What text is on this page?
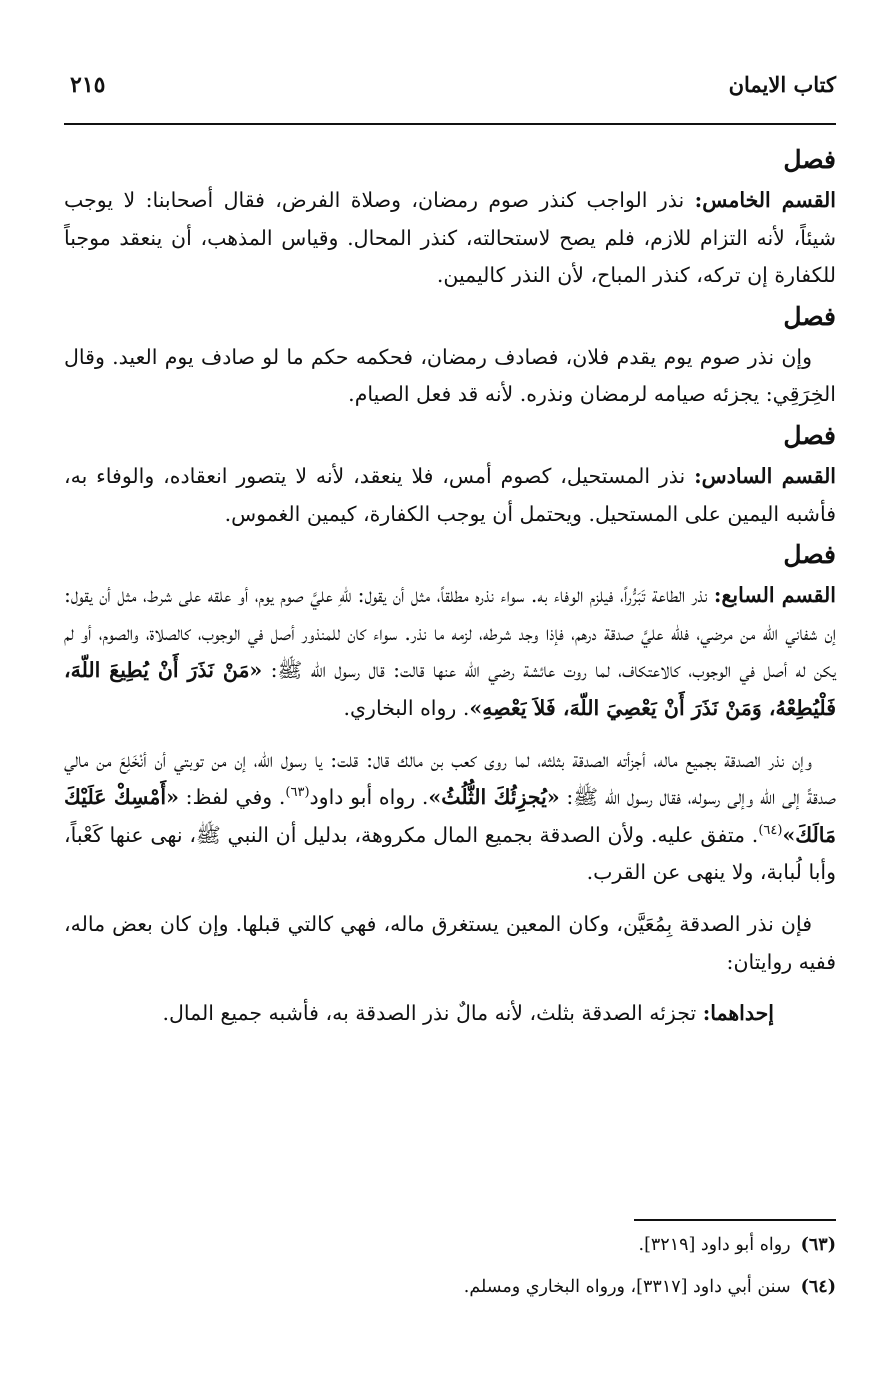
كتاب الايمان
٢١٥
فصل

القسم الخامس: نذر الواجب كنذر صوم رمضان، وصلاة الفرض، فقال أصحابنا: لا يوجب شيئاً، لأنه التزام للازم، فلم يصح لاستحالته، كنذر المحال. وقياس المذهب، أن ينعقد موجباً للكفارة إن تركه، كنذر المباح، لأن النذر كاليمين.

فصل

وإن نذر صوم يوم يقدم فلان، فصادف رمضان، فحكمه حكم ما لو صادف يوم العيد. وقال الخِرَقِي: يجزئه صيامه لرمضان ونذره. لأنه قد فعل الصيام.

فصل

القسم السادس: نذر المستحيل، كصوم أمس، فلا ينعقد، لأنه لا يتصور انعقاده، والوفاء به، فأشبه اليمين على المستحيل. ويحتمل أن يوجب الكفارة، كيمين الغموس.

فصل

القسم السابع: نذر الطاعة تَبَرُّراً، فيلزم الوفاء به. سواء نذره مطلقاً، مثل أن يقول: للّهِ عليَّ صوم يوم، أو علقه على شرط، مثل أن يقول: إن شفاني الله من مرضي، فللّه عليَّ صدقة درهم، فإذا وجد شرطه، لزمه ما نذر. سواء كان للمنذور أصل في الوجوب، كالصلاة، والصوم، أو لم يكن له أصل في الوجوب، كالاعتكاف، لما روت عائشة رضي الله عنها قالت: قال رسول الله ﷺ: «مَنْ نَذَرَ أَنْ يُطِيعَ اللّهَ، فَلْيُطِعْهُ، وَمَنْ نَذَرَ أَنْ يَعْصِيَ اللّهَ، فَلاَ يَعْصِهِ». رواه البخاري.

وإن نذر الصدقة بجميع ماله، أجزأته الصدقة بثلثه، لما روى كعب بن مالك قال: قلت: يا رسول الله، إن من توبتي أن أنْخَلِعَ من مالي صدقةً إلى الله وإلى رسوله، فقال رسول الله ﷺ: «يُجزِئُكَ الثُّلُثُ». رواه أبو داود$^{(٦٣)}$. وفي لفظ: «أَمْسِكْ عَلَيْكَ مَالَكَ»$^{(٦٤)}$. متفق عليه. ولأن الصدقة بجميع المال مكروهة، بدليل أن النبي ﷺ، نهى عنها كَعْباً، وأبا لُبابة، ولا ينهى عن القرب.

فإن نذر الصدقة بِمُعَيَّن، وكان المعين يستغرق ماله، فهي كالتي قبلها. وإن كان بعض ماله، ففيه روايتان:

إحداهما: تجزئه الصدقة بثلث، لأنه مالٌ نذر الصدقة به، فأشبه جميع المال.

(٦٣)رواه أبو داود [٣٢١٩].

(٦٤)سنن أبي داود [٣٣١٧]، ورواه البخاري ومسلم.
